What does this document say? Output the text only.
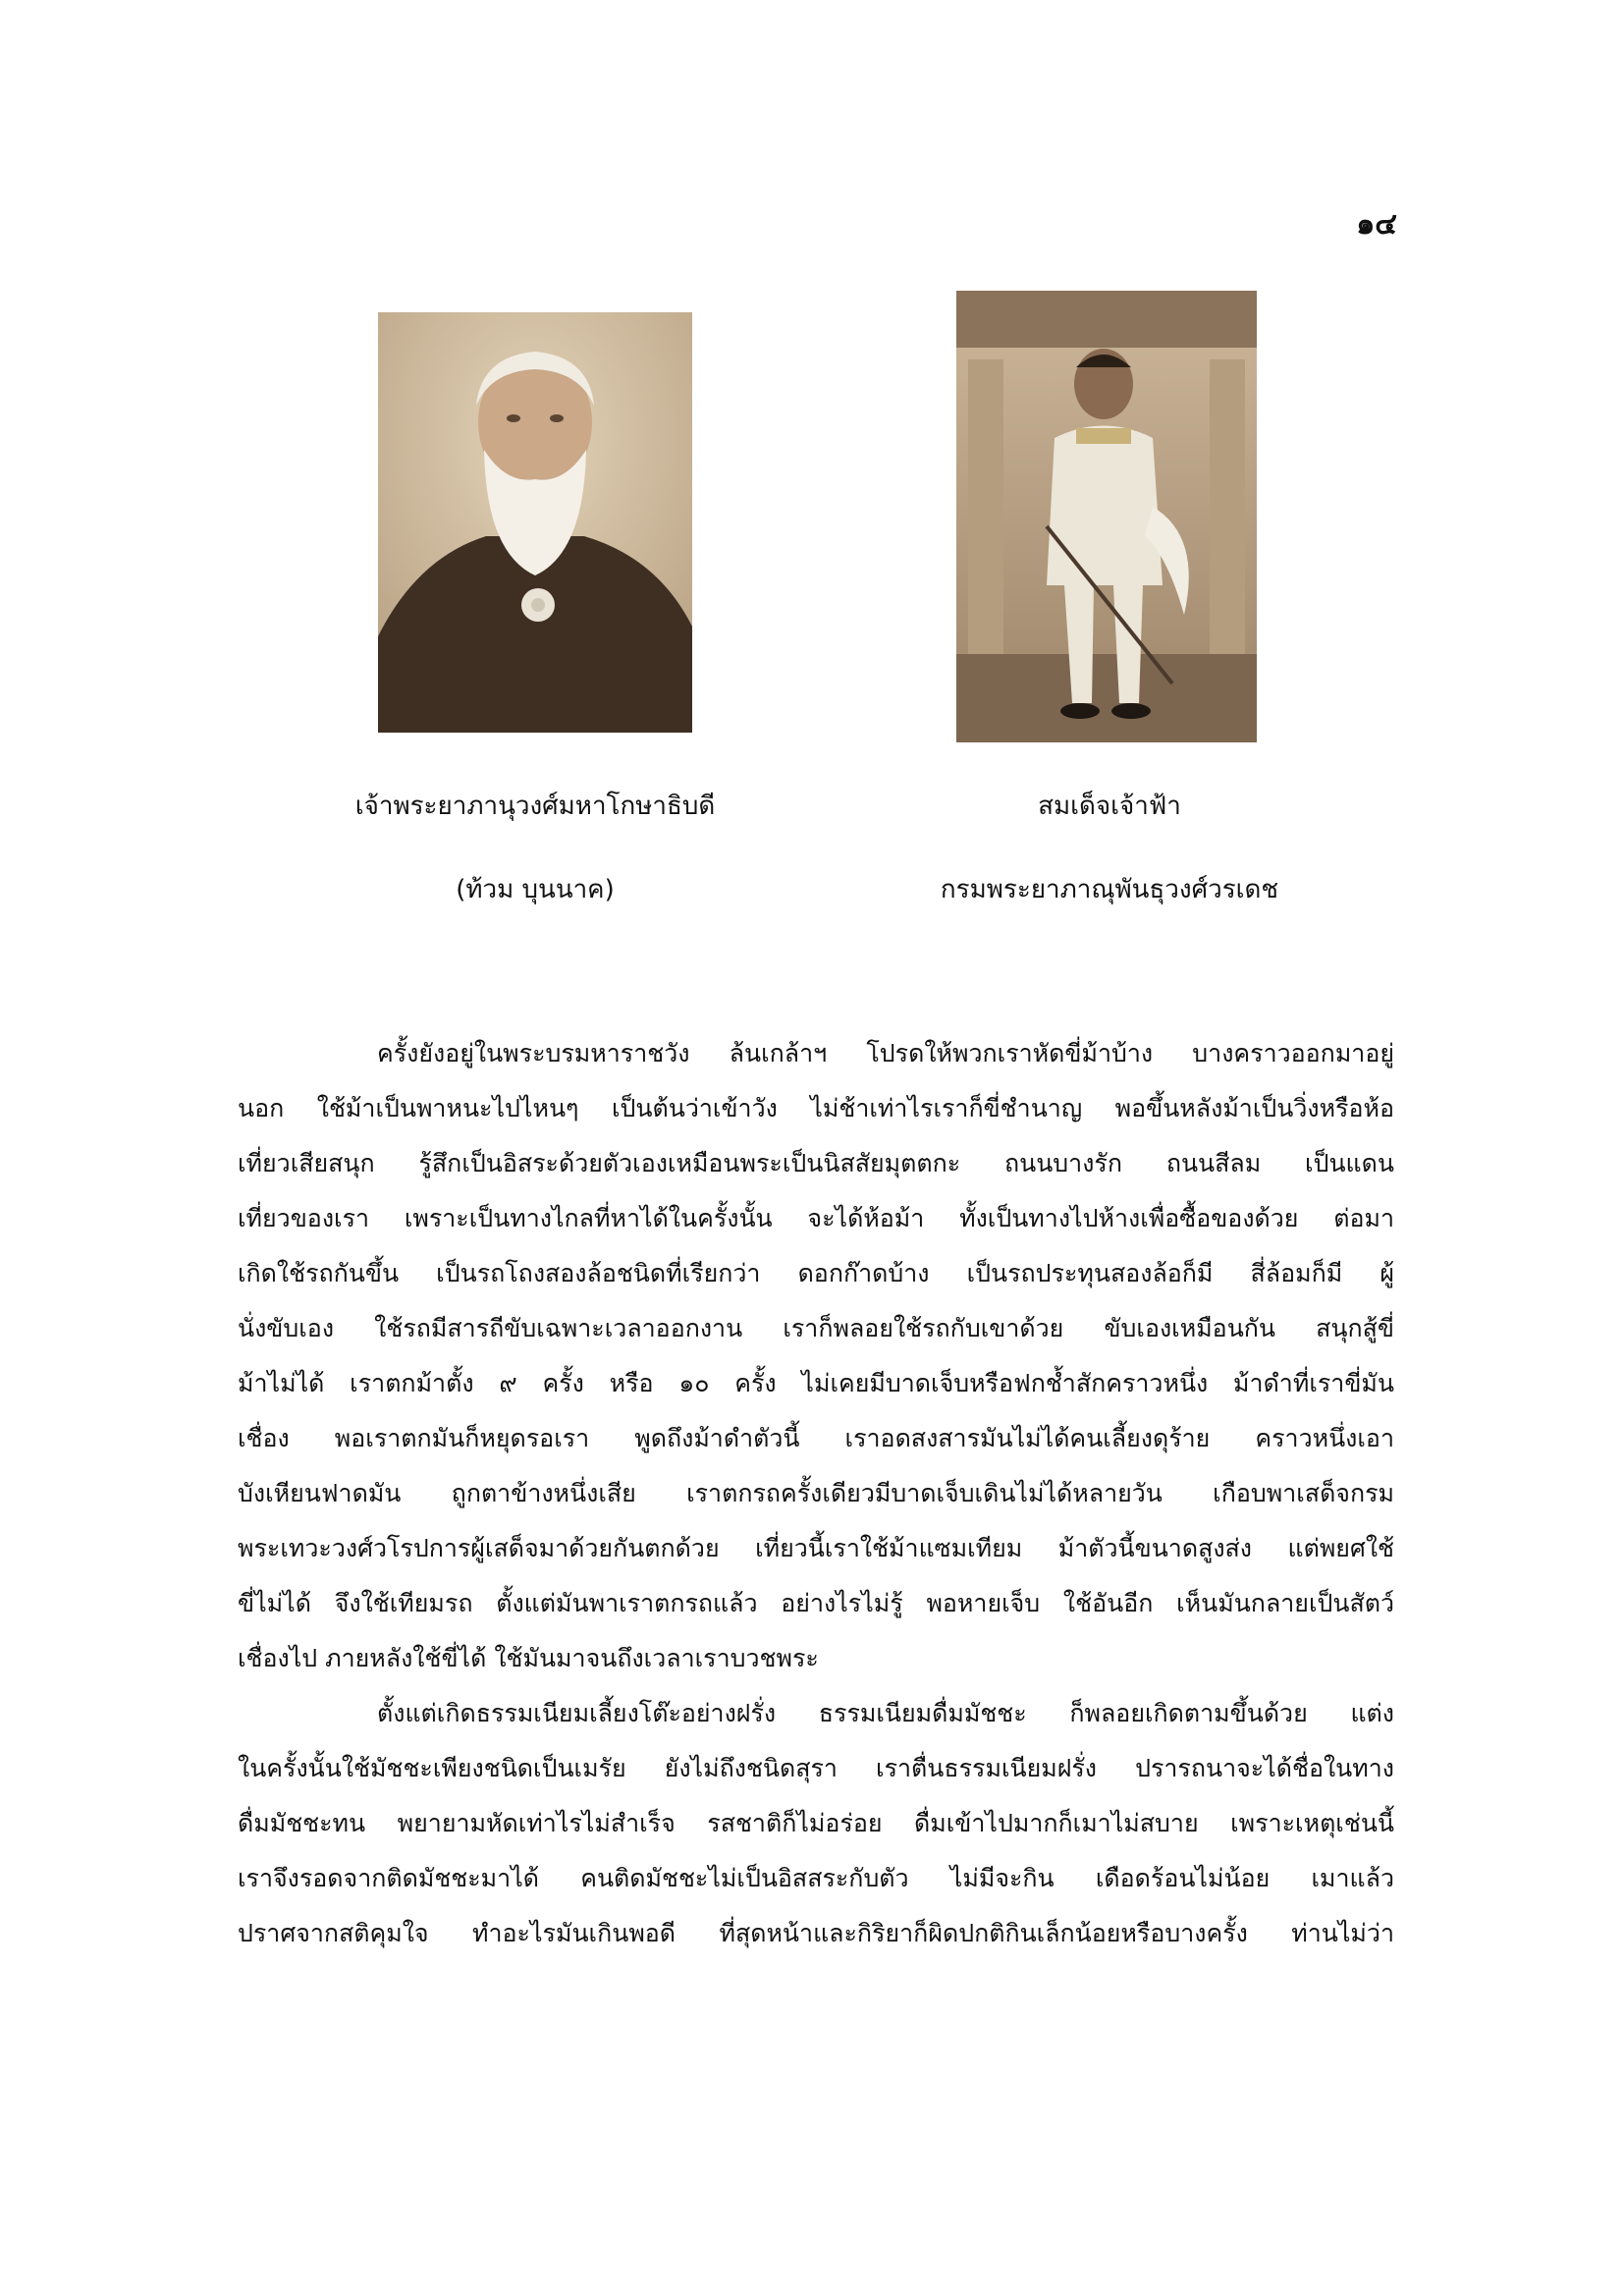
๑๔
เจ้าพระยาภานุวงศ์มหาโกษาธิบดี
(ท้วม บุนนาค)
สมเด็จเจ้าฟ้า
กรมพระยาภาณุพันธุวงศ์วรเดช
ครั้งยังอยู่ในพระบรมหาราชวัง ล้นเกล้าฯ โปรดให้พวกเราหัดขี่ม้าบ้าง บางคราวออกมาอยู่
นอก ใช้ม้าเป็นพาหนะไปไหนๆ เป็นต้นว่าเข้าวัง ไม่ช้าเท่าไรเราก็ขี่ชำนาญ พอขึ้นหลังม้าเป็นวิ่งหรือห้อ
เที่ยวเสียสนุก รู้สึกเป็นอิสระด้วยตัวเองเหมือนพระเป็นนิสสัยมุตตกะ ถนนบางรัก ถนนสีลม เป็นแดน
เที่ยวของเรา เพราะเป็นทางไกลที่หาได้ในครั้งนั้น จะได้ห้อม้า ทั้งเป็นทางไปห้างเพื่อซื้อของด้วย ต่อมา
เกิดใช้รถกันขึ้น เป็นรถโถงสองล้อชนิดที่เรียกว่า ดอกก๊าดบ้าง เป็นรถประทุนสองล้อก็มี สี่ล้อมก็มี ผู้
นั่งขับเอง ใช้รถมีสารถีขับเฉพาะเวลาออกงาน เราก็พลอยใช้รถกับเขาด้วย ขับเองเหมือนกัน สนุกสู้ขี่
ม้าไม่ได้ เราตกม้าตั้ง ๙ ครั้ง หรือ ๑๐ ครั้ง ไม่เคยมีบาดเจ็บหรือฟกช้ำสักคราวหนึ่ง ม้าดำที่เราขี่มัน
เชื่อง พอเราตกมันก็หยุดรอเรา พูดถึงม้าดำตัวนี้ เราอดสงสารมันไม่ได้คนเลี้ยงดุร้าย คราวหนึ่งเอา
บังเหียนฟาดมัน ถูกตาข้างหนึ่งเสีย เราตกรถครั้งเดียวมีบาดเจ็บเดินไม่ได้หลายวัน เกือบพาเสด็จกรม
พระเทวะวงศ์วโรปการผู้เสด็จมาด้วยกันตกด้วย เที่ยวนี้เราใช้ม้าแซมเทียม ม้าตัวนี้ขนาดสูงส่ง แต่พยศใช้
ขี่ไม่ได้ จึงใช้เทียมรถ ตั้งแต่มันพาเราตกรถแล้ว อย่างไรไม่รู้ พอหายเจ็บ ใช้อันอีก เห็นมันกลายเป็นสัตว์
เชื่องไป ภายหลังใช้ขี่ได้ ใช้มันมาจนถึงเวลาเราบวชพระ
ตั้งแต่เกิดธรรมเนียมเลี้ยงโต๊ะอย่างฝรั่ง ธรรมเนียมดื่มมัชชะ ก็พลอยเกิดตามขึ้นด้วย แต่ง
ในครั้งนั้นใช้มัชชะเพียงชนิดเป็นเมรัย ยังไม่ถึงชนิดสุรา เราตื่นธรรมเนียมฝรั่ง ปรารถนาจะได้ชื่อในทาง
ดื่มมัชชะทน พยายามหัดเท่าไรไม่สำเร็จ รสชาติก็ไม่อร่อย ดื่มเข้าไปมากก็เมาไม่สบาย เพราะเหตุเช่นนี้
เราจึงรอดจากติดมัชชะมาได้ คนติดมัชชะไม่เป็นอิสสระกับตัว ไม่มีจะกิน เดือดร้อนไม่น้อย เมาแล้ว
ปราศจากสติคุมใจ ทำอะไรมันเกินพอดี ที่สุดหน้าและกิริยาก็ผิดปกติกินเล็กน้อยหรือบางครั้ง ท่านไม่ว่า
